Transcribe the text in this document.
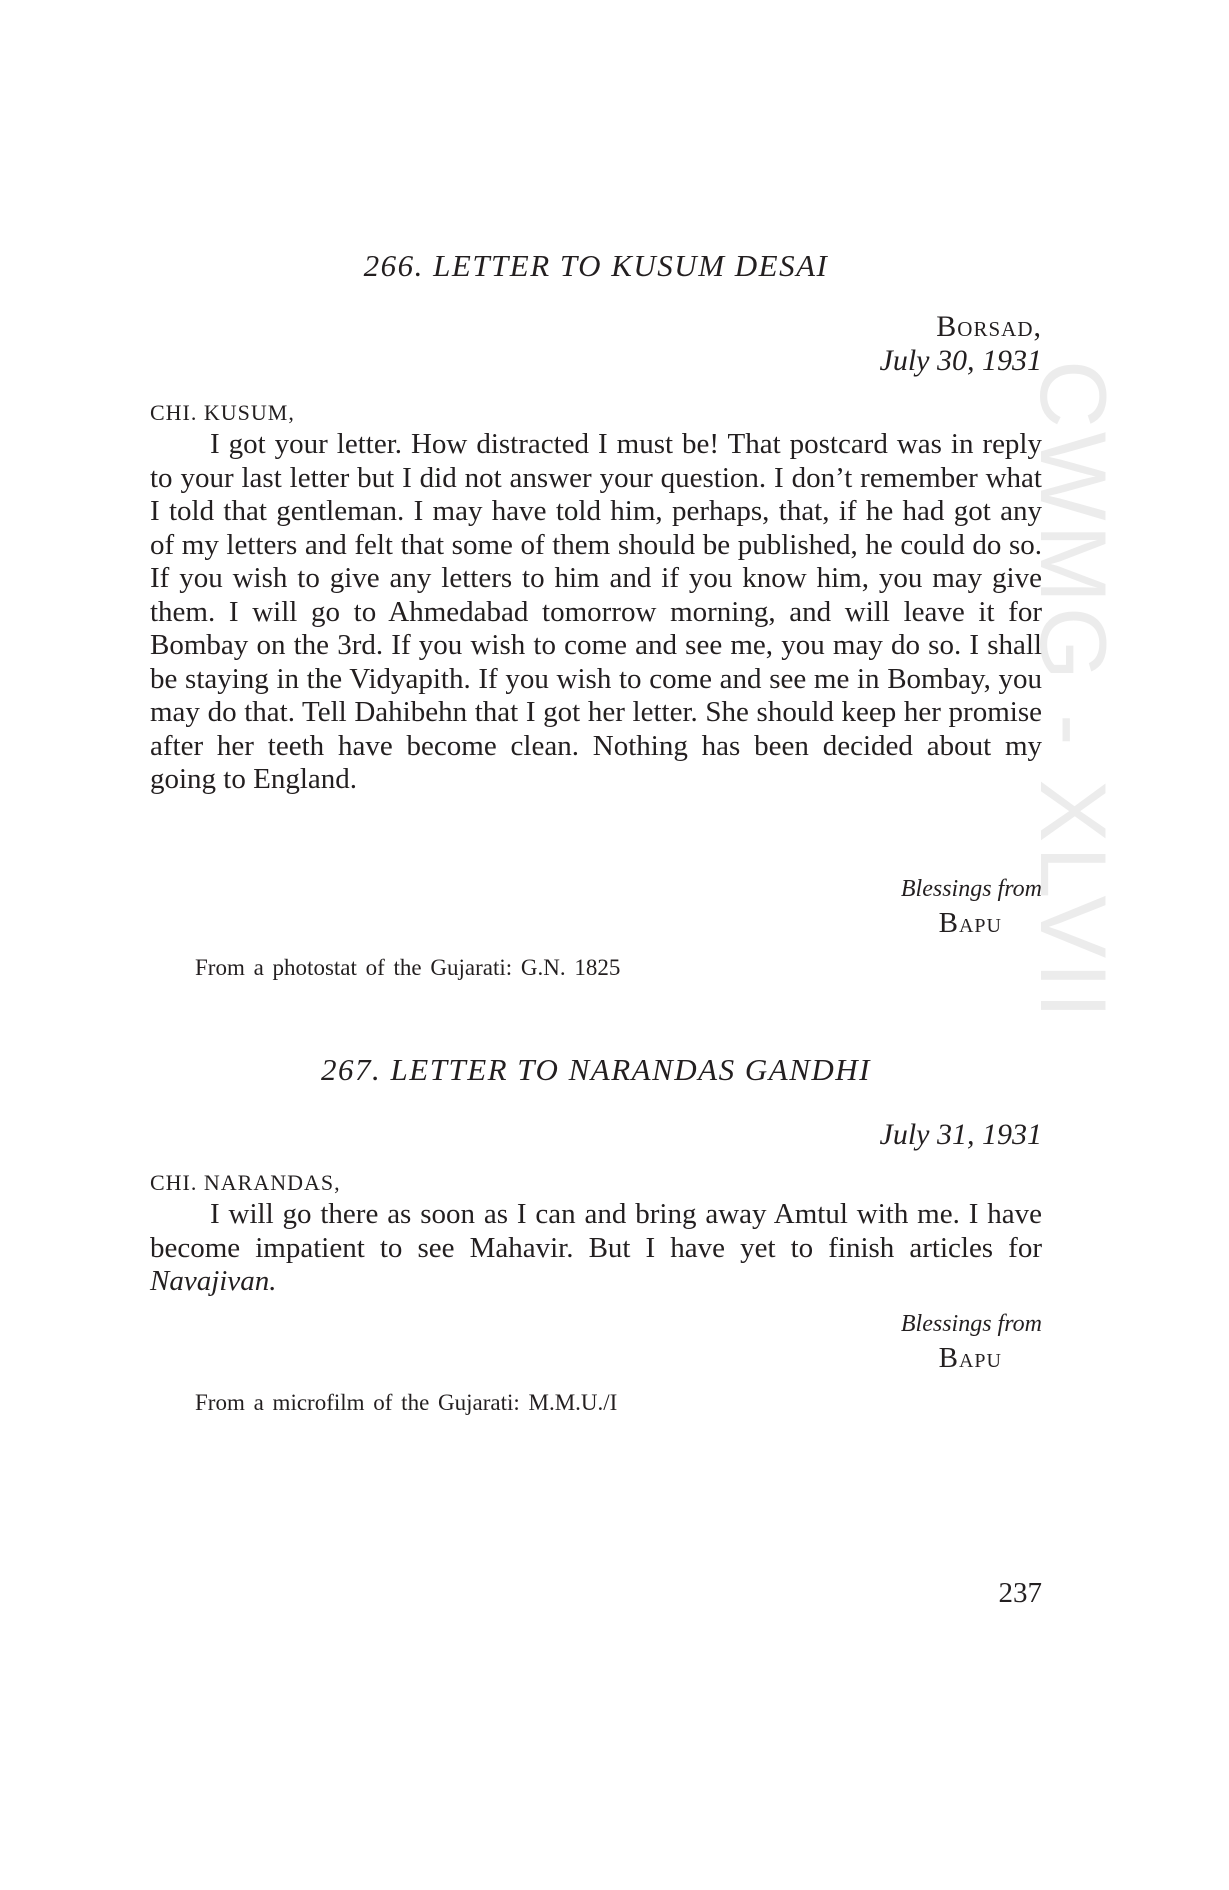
CWMG - XLVII
266. LETTER TO KUSUM DESAI
Borsad,
July 30, 1931
CHI. KUSUM,

I got your letter. How distracted I must be! That postcard was in reply to your last letter but I did not answer your question. I don’t remember what I told that gentleman. I may have told him, perhaps, that, if he had got any of my letters and felt that some of them should be published, he could do so. If you wish to give any letters to him and if you know him, you may give them. I will go to Ahmedabad tomorrow morning, and will leave it for Bombay on the 3rd. If you wish to come and see me, you may do so. I shall be staying in the Vidyapith. If you wish to come and see me in Bombay, you may do that. Tell Dahibehn that I got her letter. She should keep her promise after her teeth have become clean. Nothing has been decided about my going to England.

Blessings from
Bapu
From a photostat of the Gujarati: G.N. 1825
267. LETTER TO NARANDAS GANDHI
July 31, 1931
CHI. NARANDAS,

I will go there as soon as I can and bring away Amtul with me. I have become impatient to see Mahavir. But I have yet to finish articles for Navajivan.

Blessings from
Bapu
From a microfilm of the Gujarati: M.M.U./I
237
